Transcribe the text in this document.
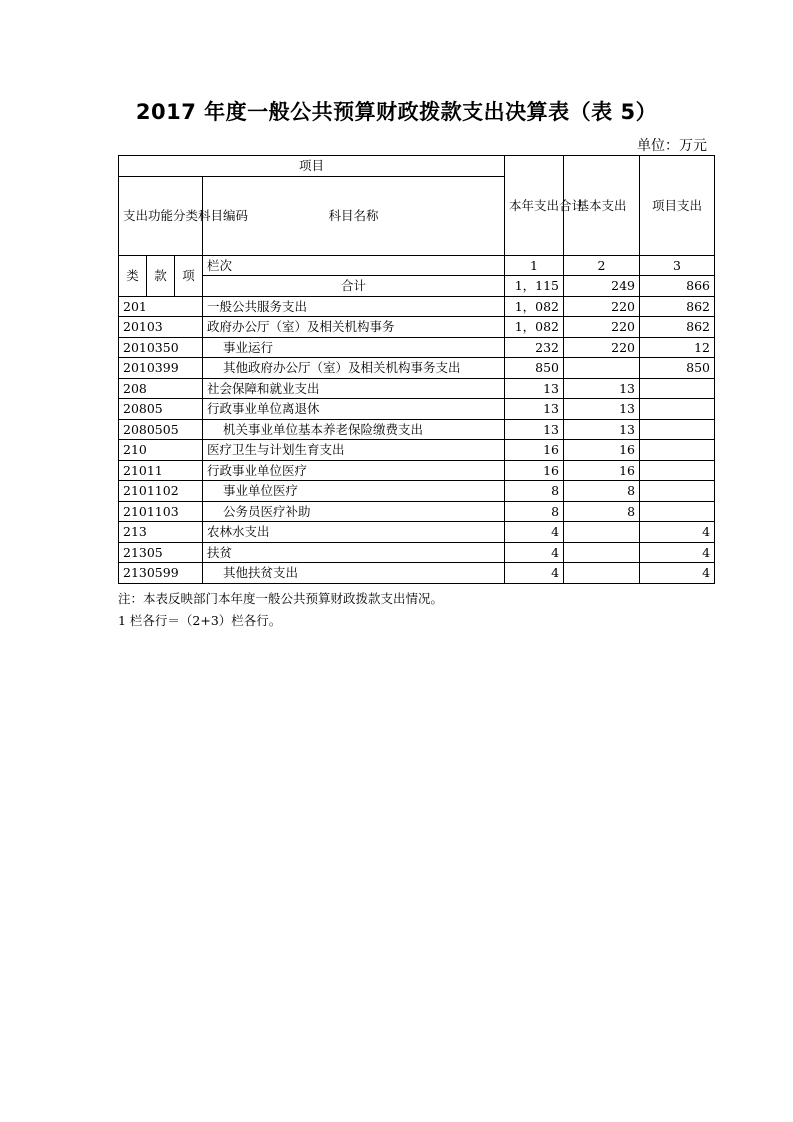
2017 年度一般公共预算财政拨款支出决算表（表 5）
单位：万元
项目				本年支出合计	基本支出	项目支出
支出功能分类科目编码			科目名称			

类	款	项	栏次	1	2	3
			合计	1，115	249	866
201			一般公共服务支出	1，082	220	862
20103			政府办公厅（室）及相关机构事务	1，082	220	862
2010350			事业运行	232	220	12
2010399			其他政府办公厅（室）及相关机构事务支出	850		850
208			社会保障和就业支出	13	13	
20805			行政事业单位离退休	13	13	
2080505			机关事业单位基本养老保险缴费支出	13	13	
210			医疗卫生与计划生育支出	16	16	
21011			行政事业单位医疗	16	16	
2101102			事业单位医疗	8	8	
2101103			公务员医疗补助	8	8	
213			农林水支出	4		4
21305			扶贫	4		4
2130599			其他扶贫支出	4		4
注：本表反映部门本年度一般公共预算财政拨款支出情况。
1 栏各行＝（2+3）栏各行。
